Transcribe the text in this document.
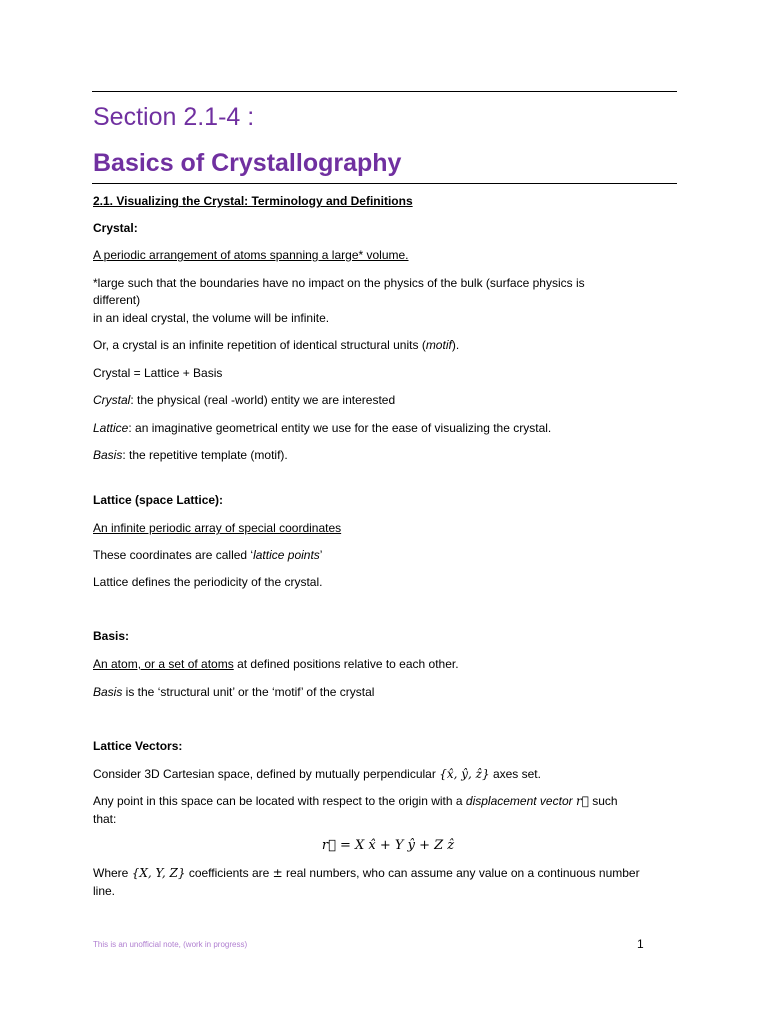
Section 2.1-4 :
Basics of Crystallography

2.1. Visualizing the Crystal: Terminology and Definitions

Crystal:

A periodic arrangement of atoms spanning a large* volume.

*large such that the boundaries have no impact on the physics of the bulk (surface physics is

different)

in an ideal crystal, the volume will be infinite.

Or, a crystal is an infinite repetition of identical structural units (motif).

Crystal = Lattice + Basis

Crystal: the physical (real -world) entity we are interested

Lattice: an imaginative geometrical entity we use for the ease of visualizing the crystal.

Basis: the repetitive template (motif).

Lattice (space Lattice):

An infinite periodic array of special coordinates

These coordinates are called ‘lattice points’

Lattice defines the periodicity of the crystal.

Basis:

An atom, or a set of atoms at defined positions relative to each other.

Basis is the ‘structural unit’ or the ‘motif’ of the crystal

Lattice Vectors:

Consider 3D Cartesian space, defined by mutually perpendicular {x̂, ŷ, ẑ} axes set.

Any point in this space can be located with respect to the origin with a displacement vector r⃗ such

that:

r⃗ = X x̂ + Y ŷ + Z ẑ

Where {X, Y, Z} coefficients are ± real numbers, who can assume any value on a continuous number

line.

This is an unofficial note, (work in progress)	1
